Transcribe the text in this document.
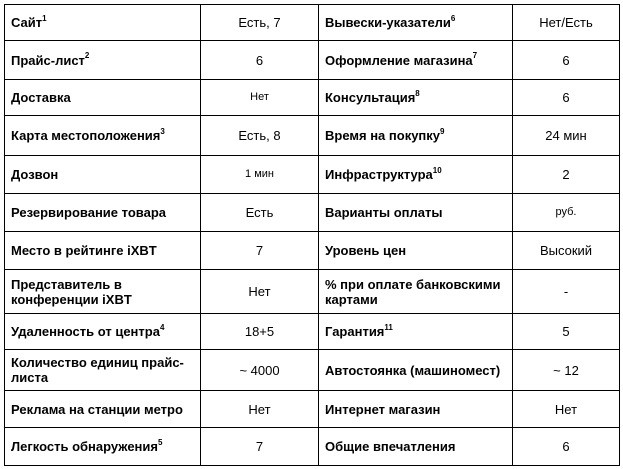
Сайт$^1$	Есть, 7	Вывески-указатели$^6$	Нет/Есть
Прайс-лист$^2$	6	Оформление магазина$^7$	6
Доставка	Нет	Консультация$^8$	6
Карта местоположения$^3$	Есть, 8	Время на покупку$^9$	24 мин
Дозвон	1 мин	Инфраструктура$^{10}$	2
Резервирование товара	Есть	Варианты оплаты	руб.
Место в рейтинге iXBT	7	Уровень цен	Высокий
Представитель в конференции iXBT	Нет	% при оплате банковскими картами	-
Удаленность от центра$^4$	18+5	Гарантия$^{11}$	5
Количество единиц прайс-листа	~ 4000	Автостоянка (машиномест)	~ 12
Реклама на станции метро	Нет	Интернет магазин	Нет
Легкость обнаружения$^5$	7	Общие впечатления	6
